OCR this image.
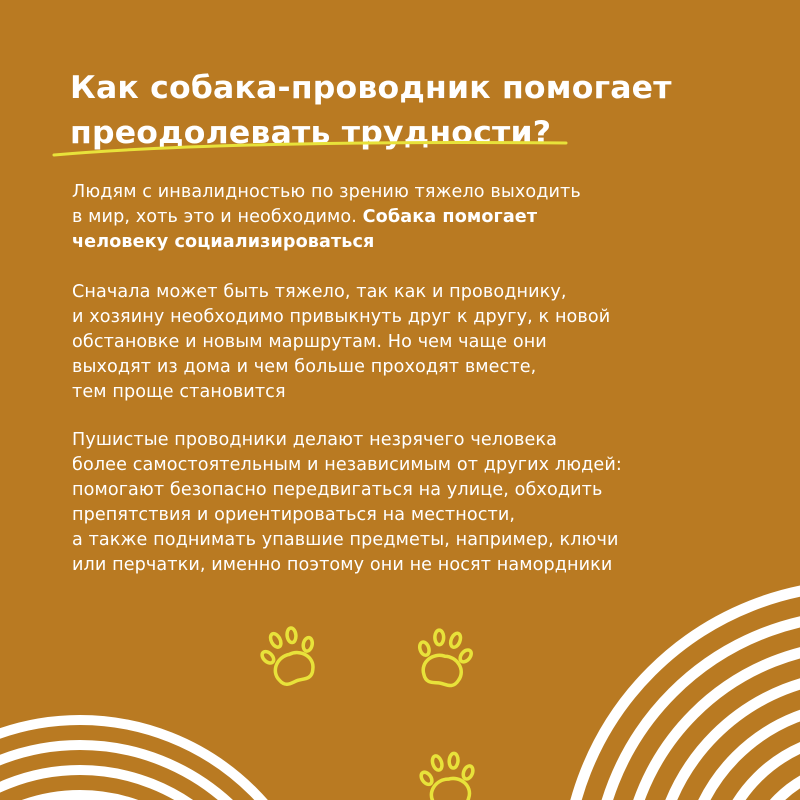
Как собака-проводник помогает
преодолевать трудности?

Людям с инвалидностью по зрению тяжело выходить
в мир, хоть это и необходимо. Собака помогает
человеку социализироваться

Сначала может быть тяжело, так как и проводнику,
и хозяину необходимо привыкнуть друг к другу, к новой
обстановке и новым маршрутам. Но чем чаще они
выходят из дома и чем больше проходят вместе,
тем проще становится

Пушистые проводники делают незрячего человека
более самостоятельным и независимым от других людей:
помогают безопасно передвигаться на улице, обходить
препятствия и ориентироваться на местности,
а также поднимать упавшие предметы, например, ключи
или перчатки, именно поэтому они не носят намордники
